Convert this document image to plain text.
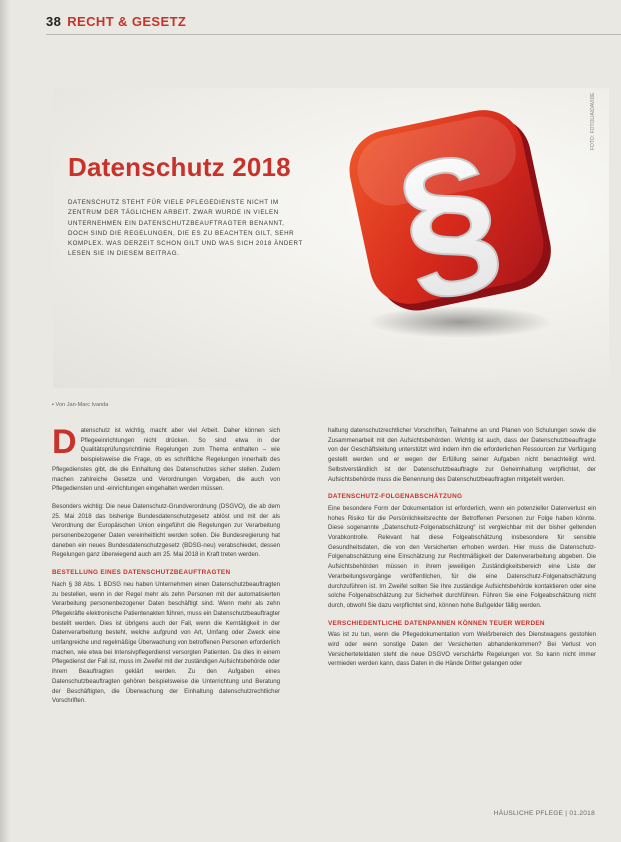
38 RECHT & GESETZ
FOTO: FOTOLIA/DAVIDE
Datenschutz 2018

DATENSCHUTZ STEHT FÜR VIELE PFLEGEDIENSTE NICHT IM ZENTRUM DER TÄGLICHEN ARBEIT. ZWAR WURDE IN VIELEN UNTERNEHMEN EIN DATENSCHUTZBEAUFTRAGTER BENANNT, DOCH SIND DIE REGELUNGEN, DIE ES ZU BEACHTEN GILT, SEHR KOMPLEX. WAS DERZEIT SCHON GILT UND WAS SICH 2018 ÄNDERT LESEN SIE IN DIESEM BEITRAG.	§
▪ Von Jan-Marc Ivanda

Datenschutz ist wichtig, macht aber viel Arbeit. Daher können sich Pflegeeinrichtungen nicht drücken. So sind etwa in der Qualitätsprüfungsrichtlinie Regelungen zum Thema enthalten – wie beispielsweise die Frage, ob es schriftliche Regelungen innerhalb des Pflegedienstes gibt, die die Einhaltung des Datenschutzes sicher stellen. Zudem machen zahlreiche Gesetze und Verordnungen Vorgaben, die auch von Pflegediensten und -einrichtungen eingehalten werden müssen.

Besonders wichtig: Die neue Datenschutz-Grundverordnung (DSGVO), die ab dem 25. Mai 2018 das bisherige Bundesdatenschutzgesetz ablöst und mit der als Verordnung der Europäischen Union eingeführt die Regelungen zur Verarbeitung personenbezogener Daten vereinheitlicht werden sollen. Die Bundesregierung hat daneben ein neues Bundesdatenschutzgesetz (BDSG-neu) verabschiedet, dessen Regelungen ganz überwiegend auch am 25. Mai 2018 in Kraft treten werden.

BESTELLUNG EINES DATENSCHUTZBEAUFTRAGTEN

Nach § 38 Abs. 1 BDSG neu haben Unternehmen einen Datenschutzbeauftragten zu bestellen, wenn in der Regel mehr als zehn Personen mit der automatisierten Verarbeitung personenbezogener Daten beschäftigt sind. Wenn mehr als zehn Pflegekräfte elektronische Patientenakten führen, muss ein Datenschutzbeauftragter bestellt werden. Dies ist übrigens auch der Fall, wenn die Kerntätigkeit in der Datenverarbeitung besteht, welche aufgrund von Art, Umfang oder Zweck eine umfangreiche und regelmäßige Überwachung von betroffenen Personen erforderlich machen, wie etwa bei Intensivpflegerdienst versorgten Patienten. Da dies in einem Pflegedienst der Fall ist, muss im Zweifel mit der zuständigen Aufsichtsbehörde oder ihrem Beauftragten geklärt werden. Zu den Aufgaben eines Datenschutzbeauftragten gehören beispielsweise die Unterrichtung und Beratung der Beschäftigten, die Überwachung der Einhaltung datenschutzrechtlicher Vorschriften.

haltung datenschutzrechtlicher Vorschriften, Teilnahme an und Planen von Schulungen sowie die Zusammenarbeit mit den Aufsichtsbehörden. Wichtig ist auch, dass der Datenschutzbeauftragte von der Geschäftsleitung unterstützt wird indem ihm die erforderlichen Ressourcen zur Verfügung gestellt werden und er wegen der Erfüllung seiner Aufgaben nicht benachteiligt wird. Selbstverständlich ist der Datenschutzbeauftragte zur Geheimhaltung verpflichtet, der Aufsichtsbehörde muss die Benennung des Datenschutzbeauftragten mitgeteilt werden.

DATENSCHUTZ-FOLGENABSCHÄTZUNG

Eine besondere Form der Dokumentation ist erforderlich, wenn ein potenzieller Datenverlust ein hohes Risiko für die Persönlichkeitsrechte der Betroffenen Personen zur Folge haben könnte. Diese sogenannte „Datenschutz-Folgenabschätzung“ ist vergleichbar mit der bisher geltenden Vorabkontrolle. Relevant hat diese Folgeabschätzung insbesondere für sensible Gesundheitsdaten, die von den Versicherten erhoben werden. Hier muss die Datenschutz-Folgenabschätzung eine Einschätzung zur Rechtmäßigkeit der Datenverarbeitung abgeben. Die Aufsichtsbehörden müssen in ihrem jeweiligen Zuständigkeitsbereich eine Liste der Verarbeitungsvorgänge veröffentlichen, für die eine Datenschutz-Folgenabschätzung durchzuführen ist. Im Zweifel sollten Sie Ihre zuständige Aufsichtsbehörde kontaktieren oder eine solche Folgenabschätzung zur Sicherheit durchführen. Führen Sie eine Folgeabschätzung nicht durch, obwohl Sie dazu verpflichtet sind, können hohe Bußgelder fällig werden.

VERSCHIEDENTLICHE DATENPANNEN KÖNNEN TEUER WERDEN

Was ist zu tun, wenn die Pflegedokumentation vom Weißrbereich des Dienstwagens gestohlen wird oder wenn sonstige Daten der Versicherten abhandenkommen? Bei Verlust von Versicherteteldaten steht die neue DSGVO verschärfte Regelungen vor. So kann nicht immer vermieden werden kann, dass Daten in die Hände Dritter gelangen oder

HÄUSLICHE PFLEGE | 01.2018
